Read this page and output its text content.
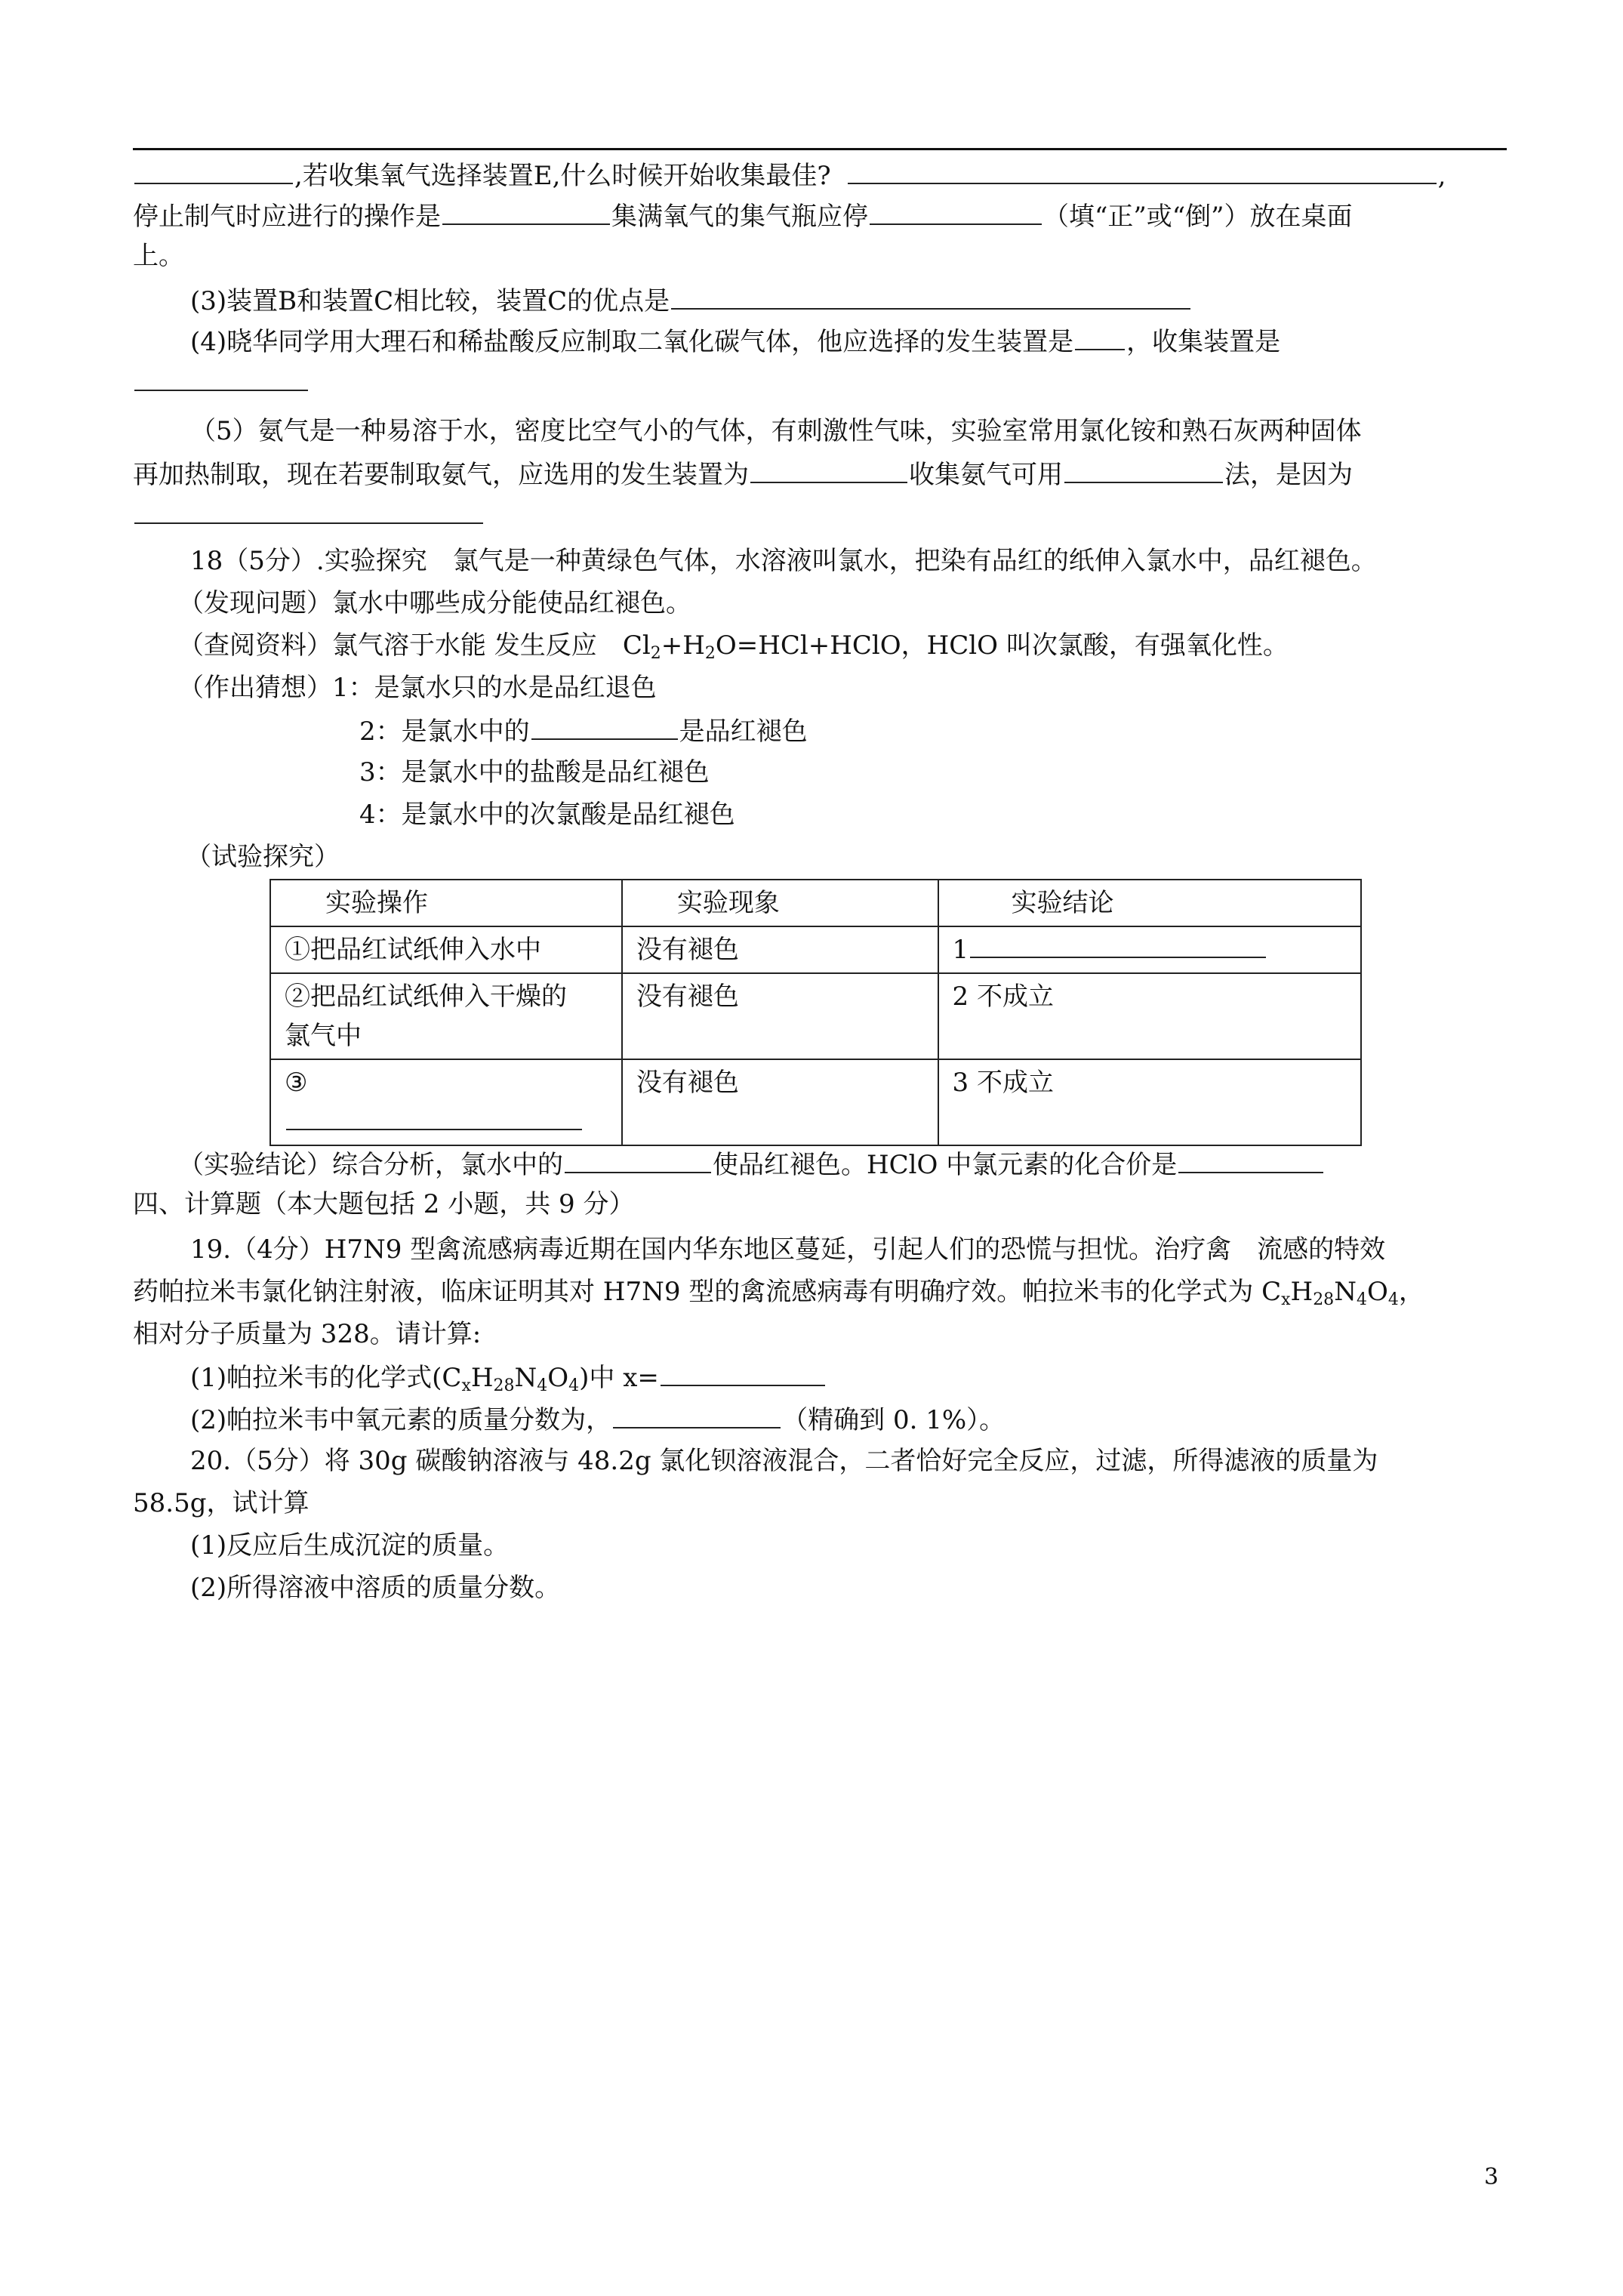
,若收集氧气选择装置E,什么时候开始收集最佳?	,
停止制气时应进行的操作是	集满氧气的集气瓶应停	（填“正”或“倒”）放在桌面
上。
(3)装置B和装置C相比较，装置C的优点是
(4)晓华同学用大理石和稀盐酸反应制取二氧化碳气体，他应选择的发生装置是 ，收集装置是
（5）氨气是一种易溶于水，密度比空气小的气体，有刺激性气味，实验室常用氯化铵和熟石灰两种固体
再加热制取，现在若要制取氨气，应选用的发生装置为	收集氨气可用	法，是因为
18（5分）.实验探究　氯气是一种黄绿色气体，水溶液叫氯水，把染有品红的纸伸入氯水中，品红褪色。
（发现问题）氯水中哪些成分能使品红褪色。
（查阅资料）氯气溶于水能 发生反应　$Cl_2+H_2O=HCl+HClO$，HClO 叫次氯酸，有强氧化性。
（作出猜想）1：是氯水只的水是品红退色
2：是氯水中的	是品红褪色
3：是氯水中的盐酸是品红褪色
4：是氯水中的次氯酸是品红褪色
（试验探究）
实验操作	实验现象	实验结论
①把品红试纸伸入水中	没有褪色	1
②把品红试纸伸入干燥的
氯气中	没有褪色	2 不成立
③	没有褪色	3 不成立
（实验结论）综合分析，氯水中的	使品红褪色。HClO 中氯元素的化合价是
四、计算题（本大题包括 2 小题，共 9 分）
19.（4分）H7N9 型禽流感病毒近期在国内华东地区蔓延，引起人们的恐慌与担忧。治疗禽　流感的特效
药帕拉米韦氯化钠注射液，临床证明其对 H7N9 型的禽流感病毒有明确疗效。帕拉米韦的化学式为 $C_xH_{28}N_4O_4$，
相对分子质量为 328。请计算:
(1)帕拉米韦的化学式$(C_xH_{28}N_4O_4)$中 x=
(2)帕拉米韦中氧元素的质量分数为，	（精确到 0. 1%）。
20.（5分）将 30g 碳酸钠溶液与 48.2g 氯化钡溶液混合，二者恰好完全反应，过滤，所得滤液的质量为
58.5g，试计算
(1)反应后生成沉淀的质量。
(2)所得溶液中溶质的质量分数。
3
